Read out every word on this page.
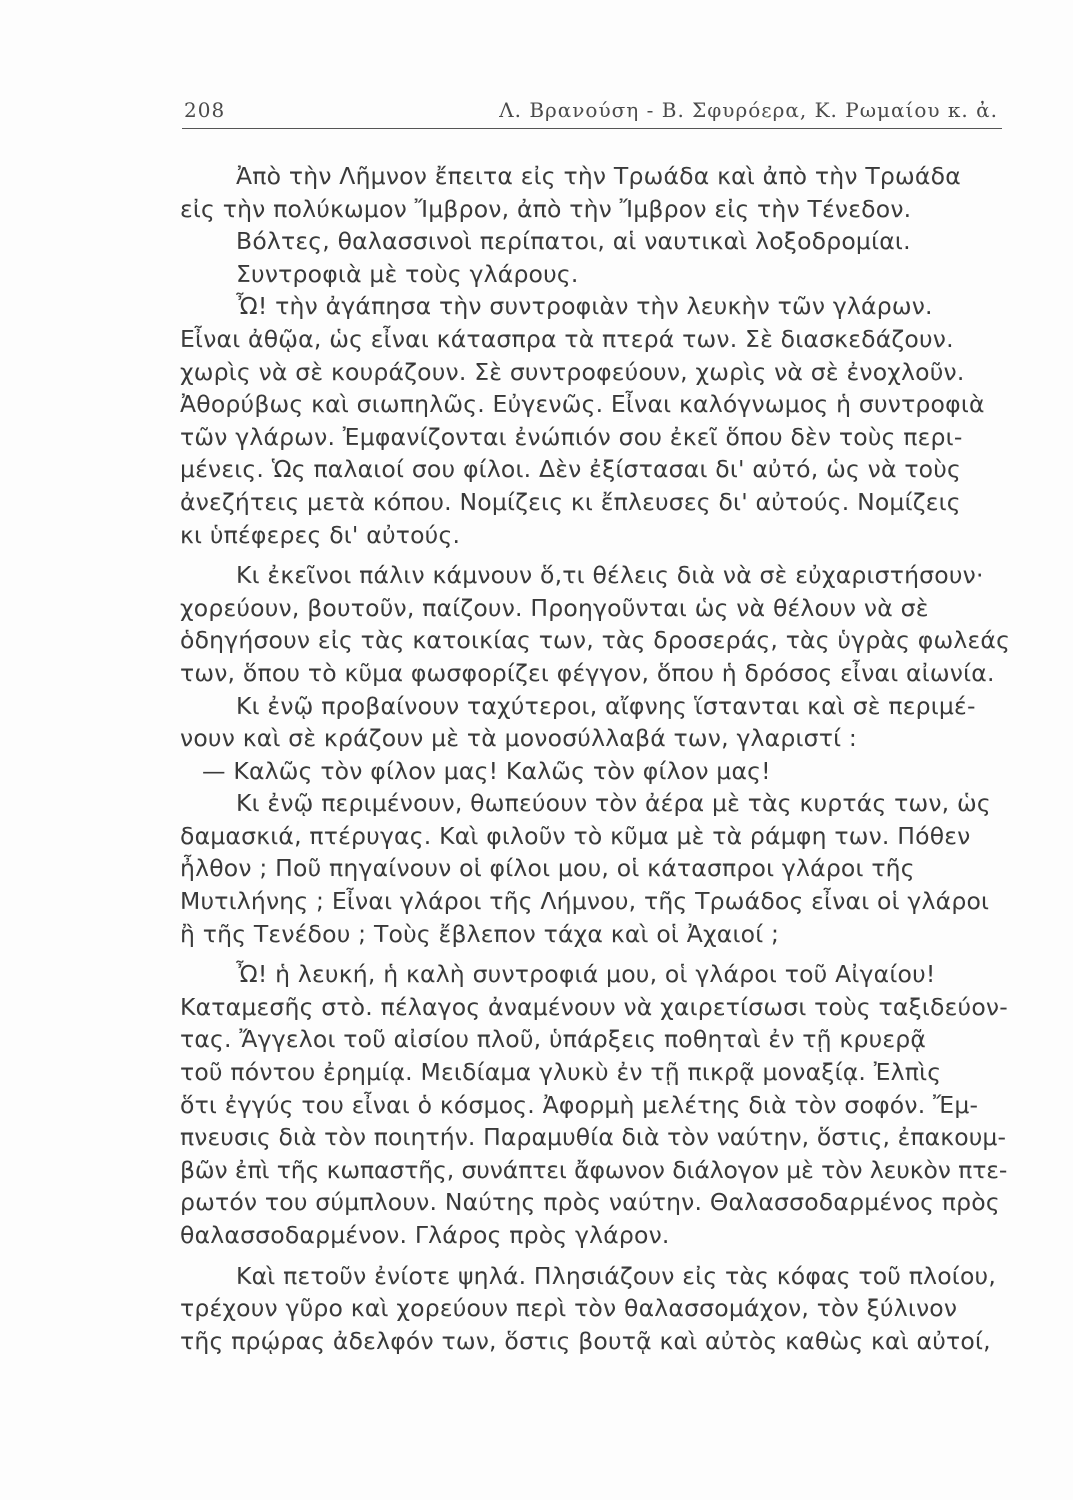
208	Λ. Βρανούση - Β. Σφυρόερα, Κ. Ρωμαίου κ. ἀ.
Ἀπὸ τὴν Λῆμνον ἔπειτα εἰς τὴν Τρωάδα καὶ ἀπὸ τὴν Τρωάδα
εἰς τὴν πολύκωμον Ἴμβρον, ἀπὸ τὴν Ἴμβρον εἰς τὴν Τένεδον.
Βόλτες, θαλασσινοὶ περίπατοι, αἱ ναυτικαὶ λοξοδρομίαι.
Συντροφιὰ μὲ τοὺς γλάρους.
Ὦ! τὴν ἀγάπησα τὴν συντροφιὰν τὴν λευκὴν τῶν γλάρων.
Εἶναι ἀθῷα, ὡς εἶναι κάτασπρα τὰ πτερά των. Σὲ διασκεδάζουν.
χωρὶς νὰ σὲ κουράζουν. Σὲ συντροφεύουν, χωρὶς νὰ σὲ ἐνοχλοῦν.
Ἀθορύβως καὶ σιωπηλῶς. Εὐγενῶς. Εἶναι καλόγνωμος ἡ συντροφιὰ
τῶν γλάρων. Ἐμφανίζονται ἐνώπιόν σου ἐκεῖ ὅπου δὲν τοὺς περι-
μένεις. Ὡς παλαιοί σου φίλοι. Δὲν ἐξίστασαι δι' αὐτό, ὡς νὰ τοὺς
ἀνεζήτεις μετὰ κόπου. Νομίζεις κι ἔπλευσες δι' αὐτούς. Νομίζεις
κι ὑπέφερες δι' αὐτούς.
Κι ἐκεῖνοι πάλιν κάμνουν ὅ,τι θέλεις διὰ νὰ σὲ εὐχαριστήσουν·
χορεύουν, βουτοῦν, παίζουν. Προηγοῦνται ὡς νὰ θέλουν νὰ σὲ
ὁδηγήσουν εἰς τὰς κατοικίας των, τὰς δροσεράς, τὰς ὑγρὰς φωλεάς
των, ὅπου τὸ κῦμα φωσφορίζει φέγγον, ὅπου ἡ δρόσος εἶναι αἰωνία.
Κι ἐνῷ προβαίνουν ταχύτεροι, αἴφνης ἵστανται καὶ σὲ περιμέ-
νουν καὶ σὲ κράζουν μὲ τὰ μονοσύλλαβά των, γλαριστί :
— Καλῶς τὸν φίλον μας! Καλῶς τὸν φίλον μας!
Κι ἐνῷ περιμένουν, θωπεύουν τὸν ἀέρα μὲ τὰς κυρτάς των, ὡς
δαμασκιά, πτέρυγας. Καὶ φιλοῦν τὸ κῦμα μὲ τὰ ράμφη των. Πόθεν
ἦλθον ; Ποῦ πηγαίνουν οἱ φίλοι μου, οἱ κάτασπροι γλάροι τῆς
Μυτιλήνης ; Εἶναι γλάροι τῆς Λήμνου, τῆς Τρωάδος εἶναι οἱ γλάροι
ἢ τῆς Τενέδου ; Τοὺς ἔβλεπον τάχα καὶ οἱ Ἀχαιοί ;
Ὦ! ἡ λευκή, ἡ καλὴ συντροφιά μου, οἱ γλάροι τοῦ Αἰγαίου!
Καταμεσῆς στὸ. πέλαγος ἀναμένουν νὰ χαιρετίσωσι τοὺς ταξιδεύον-
τας. Ἄγγελοι τοῦ αἰσίου πλοῦ, ὑπάρξεις ποθηταὶ ἐν τῇ κρυερᾷ
τοῦ πόντου ἐρημίᾳ. Μειδίαμα γλυκὺ ἐν τῇ πικρᾷ μοναξίᾳ. Ἐλπὶς
ὅτι ἐγγύς του εἶναι ὁ κόσμος. Ἀφορμὴ μελέτης διὰ τὸν σοφόν. Ἔμ-
πνευσις διὰ τὸν ποιητήν. Παραμυθία διὰ τὸν ναύτην, ὅστις, ἐπακουμ-
βῶν ἐπὶ τῆς κωπαστῆς, συνάπτει ἄφωνον διάλογον μὲ τὸν λευκὸν πτε-
ρωτόν του σύμπλουν. Ναύτης πρὸς ναύτην. Θαλασσοδαρμένος πρὸς
θαλασσοδαρμένον. Γλάρος πρὸς γλάρον.
Καὶ πετοῦν ἐνίοτε ψηλά. Πλησιάζουν εἰς τὰς κόφας τοῦ πλοίου,
τρέχουν γῦρο καὶ χορεύουν περὶ τὸν θαλασσομάχον, τὸν ξύλινον
τῆς πρῴρας ἀδελφόν των, ὅστις βουτᾷ καὶ αὐτὸς καθὼς καὶ αὐτοί,
